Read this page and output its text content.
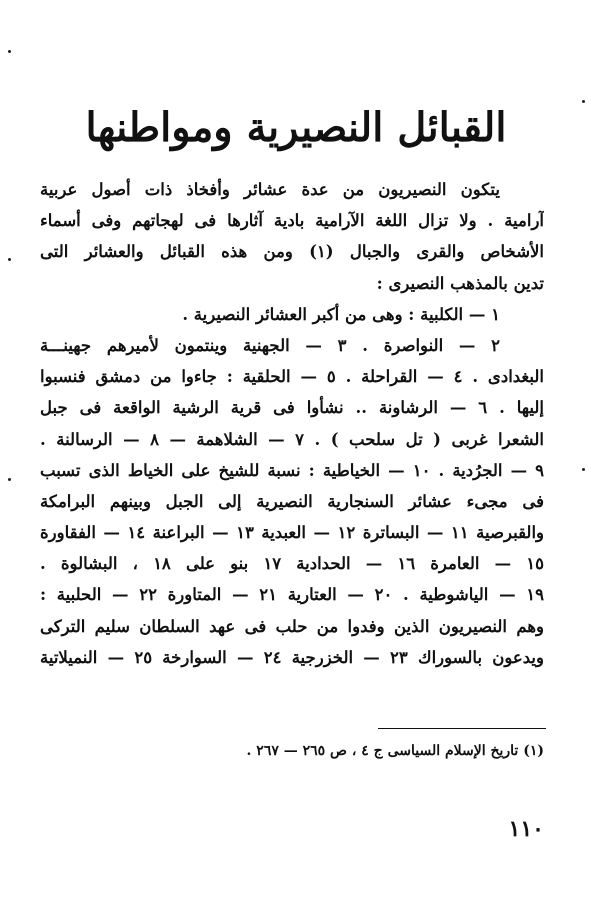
القبائل النصيرية ومواطنها
يتكون النصيريون من عدة عشائر وأفخاذ ذات أصول عربية
آرامية . ولا تزال اللغة الآرامية بادية آثارها فى لهجاتهم وفى أسماء
الأشخاص والقرى والجبال (١) ومن هذه القبائل والعشائر التى
تدين بالمذهب النصيرى :
١ — الكلبية : وهى من أكبر العشائر النصيرية .
٢ — النواصرة . ٣ — الجهنية وينتمون لأميرهم جهينـــة
البغدادى . ٤ — القراحلة . ٥ — الحلقية : جاءوا من دمشق فنسبوا
إليها . ٦ — الرشاونة .. نشأوا فى قرية الرشية الواقعة فى جبل
الشعرا غربى ( تل سلحب ) . ٧ — الشلاهمة — ٨ — الرسالنة .
٩ — الجرُدية . ١٠ — الخياطية : نسبة للشيخ على الخياط الذى تسبب
فى مجىء عشائر السنجارية النصيرية إلى الجبل وبينهم البرامكة
والقبرصية ١١ — البساترة ١٢ — العبدية ١٣ — البراعنة ١٤ — الفقاورة
١٥ — العامرة ١٦ — الحدادية ١٧ بنو على ١٨ ، البشالوة .
١٩ — الياشوطية . ٢٠ — العتارية ٢١ — المتاورة ٢٢ — الحلبية :
وهم النصيريون الذين وفدوا من حلب فى عهد السلطان سليم التركى
ويدعون بالسوراك ٢٣ — الخزرجية ٢٤ — السوارخة ٢٥ — النميلاتية
(١) تاريخ الإسلام السياسى ج ٤ ، ص ٢٦٥ — ٢٦٧ .
١١٠
